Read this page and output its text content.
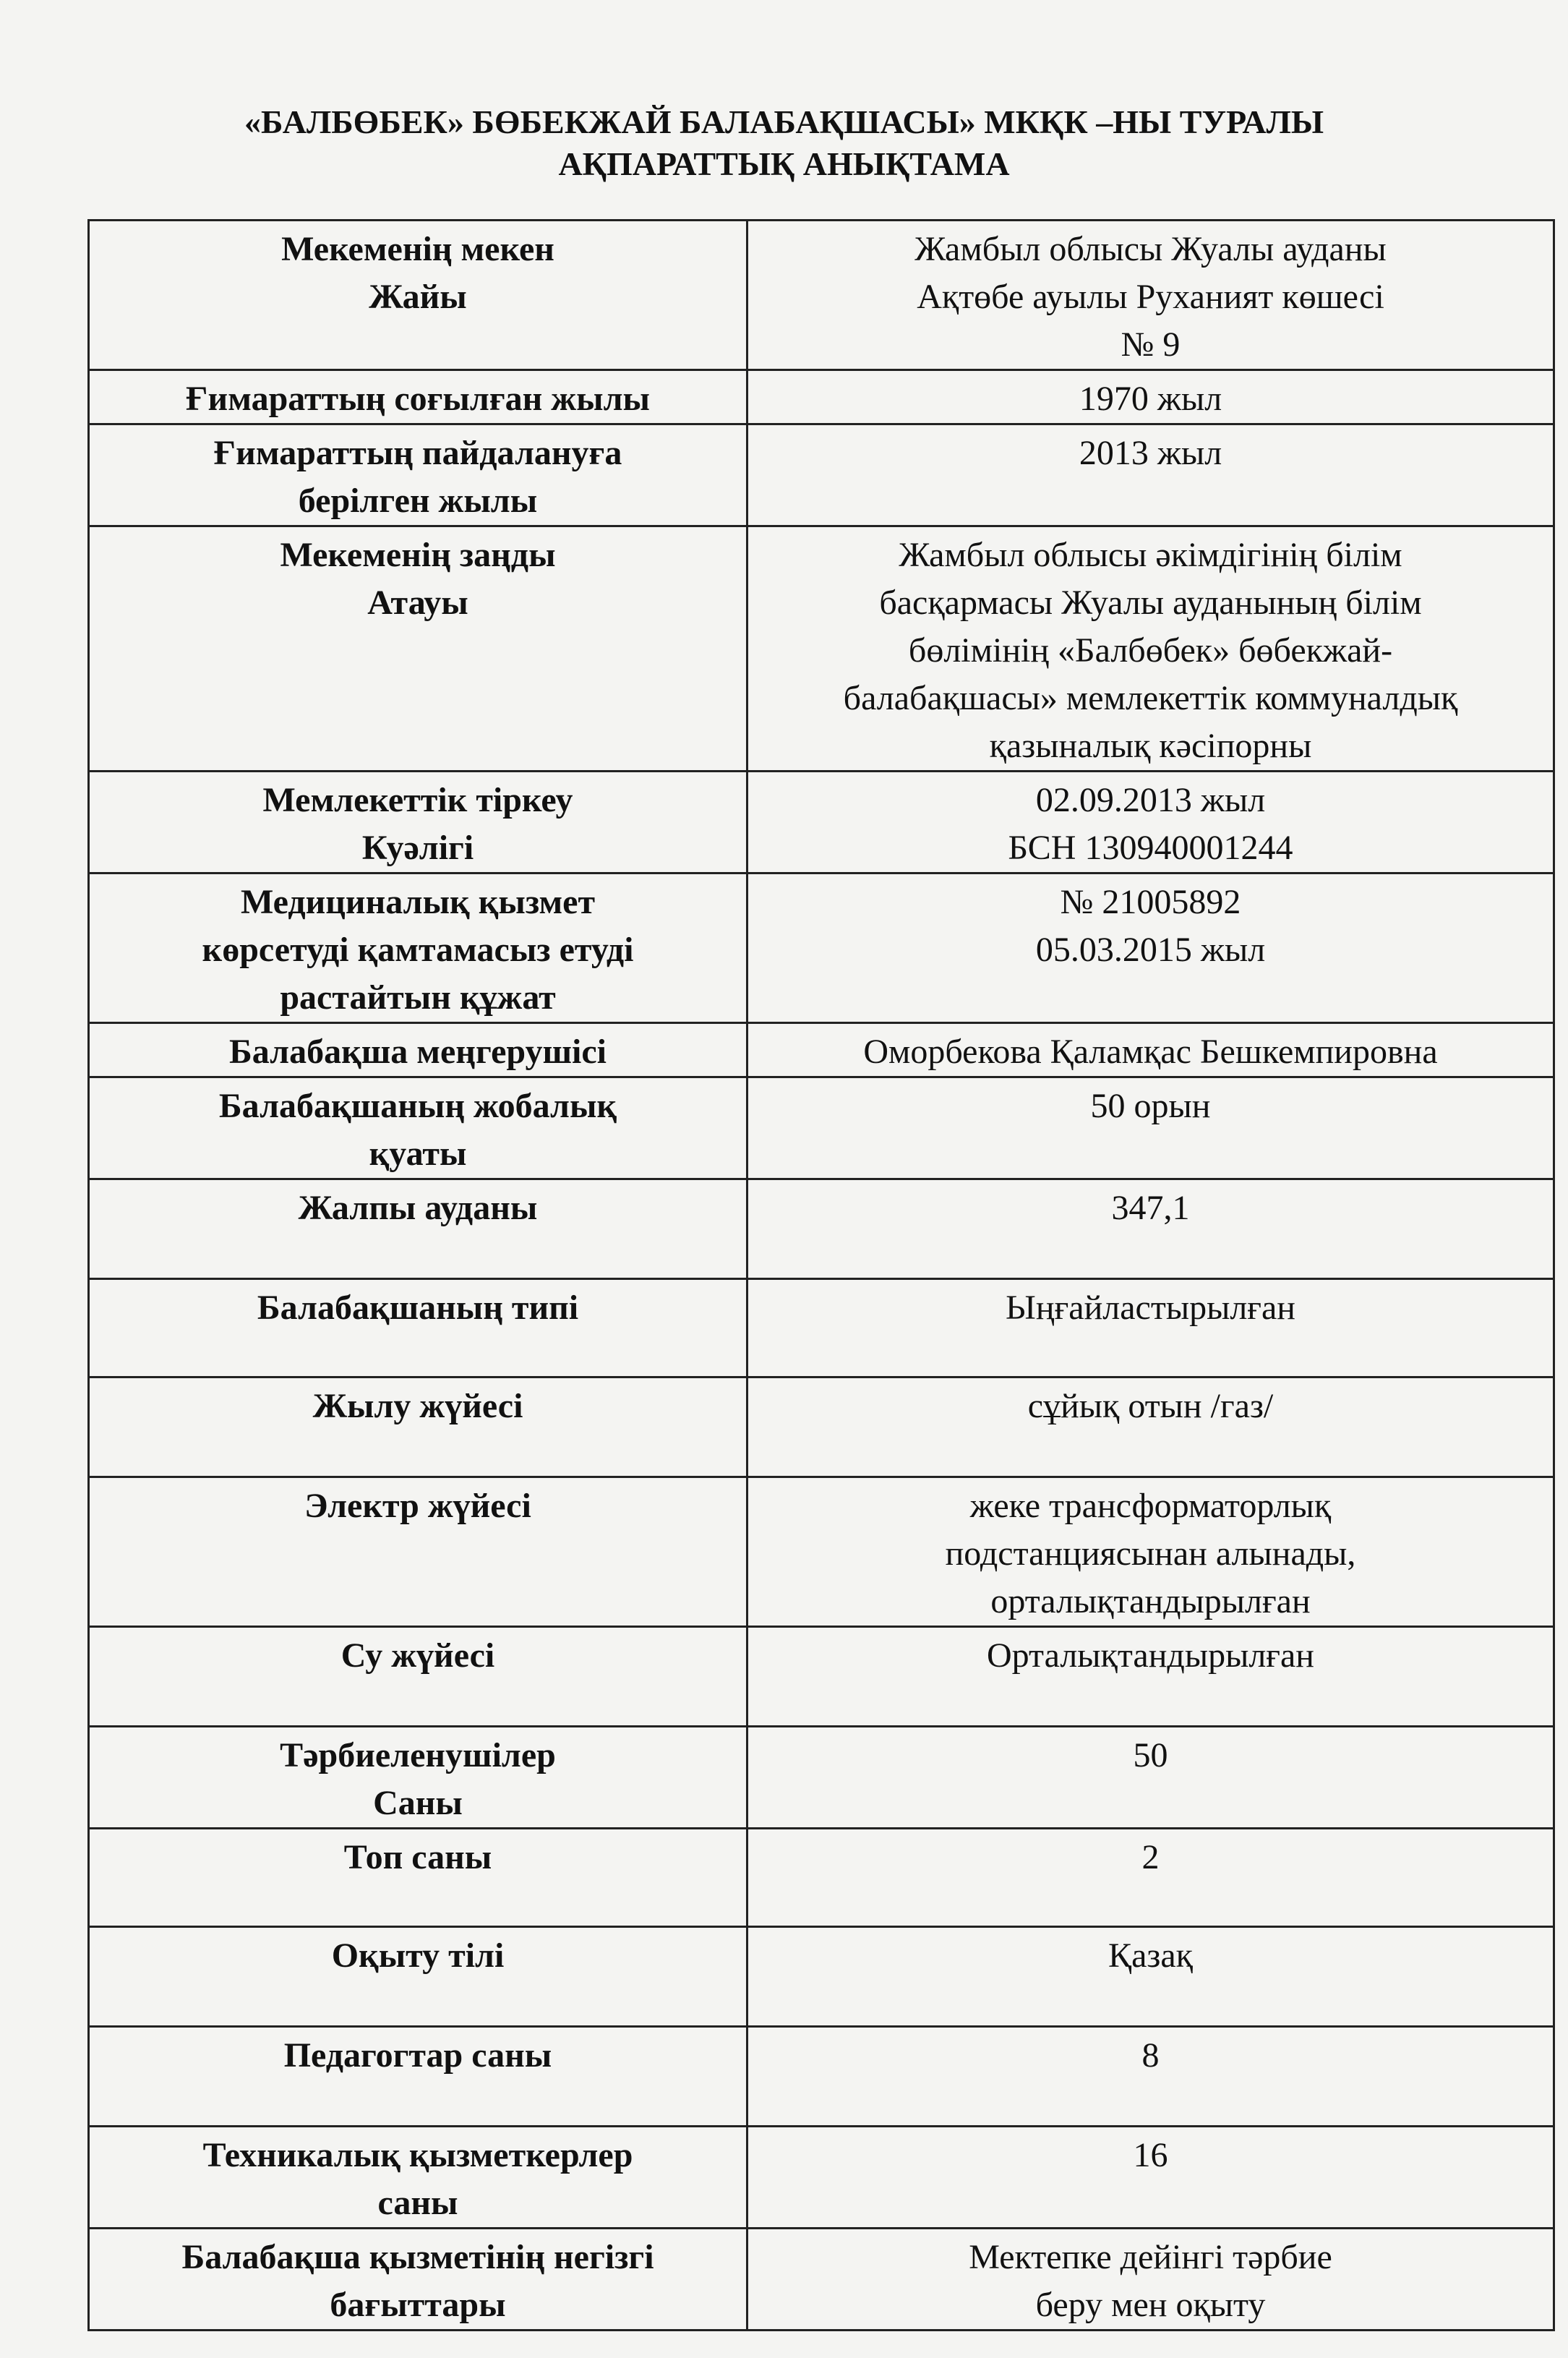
«БАЛБӨБЕК» БӨБЕКЖАЙ БАЛАБАҚШАСЫ» МКҚК –НЫ ТУРАЛЫ
АҚПАРАТТЫҚ АНЫҚТАМА
Мекеменің мекен
Жайы	Жамбыл облысы Жуалы ауданы
Ақтөбе ауылы Руханият көшесі
№ 9

Ғимараттың соғылған жылы	1970 жыл

Ғимараттың пайдалануға
берілген жылы	2013 жыл

Мекеменің заңды
Атауы	Жамбыл облысы әкімдігінің білім
басқармасы Жуалы ауданының білім
бөлімінің «Балбөбек» бөбекжай-
балабақшасы» мемлекеттік коммуналдық
қазыналық кәсіпорны

Мемлекеттік тіркеу
Куәлігі	02.09.2013 жыл
БСН 130940001244

Медициналық қызмет
көрсетуді қамтамасыз етуді
растайтын құжат	№ 21005892
05.03.2015 жыл

Балабақша меңгерушісі	Оморбекова Қаламқас Бешкемпировна

Балабақшаның жобалық
қуаты	50 орын

Жалпы ауданы	347,1

Балабақшаның типі	Ыңғайластырылған

Жылу жүйесі	сұйық отын /газ/

Электр жүйесі	жеке трансформаторлық
подстанциясынан алынады,
орталықтандырылған

Су жүйесі	Орталықтандырылған

Тәрбиеленушілер
Саны	50

Топ саны	2

Оқыту тілі	Қазақ

Педагогтар саны	8

Техникалық қызметкерлер
саны	16

Балабақша қызметінің негізгі
бағыттары	Мектепке дейінгі тәрбие
беру мен оқыту
